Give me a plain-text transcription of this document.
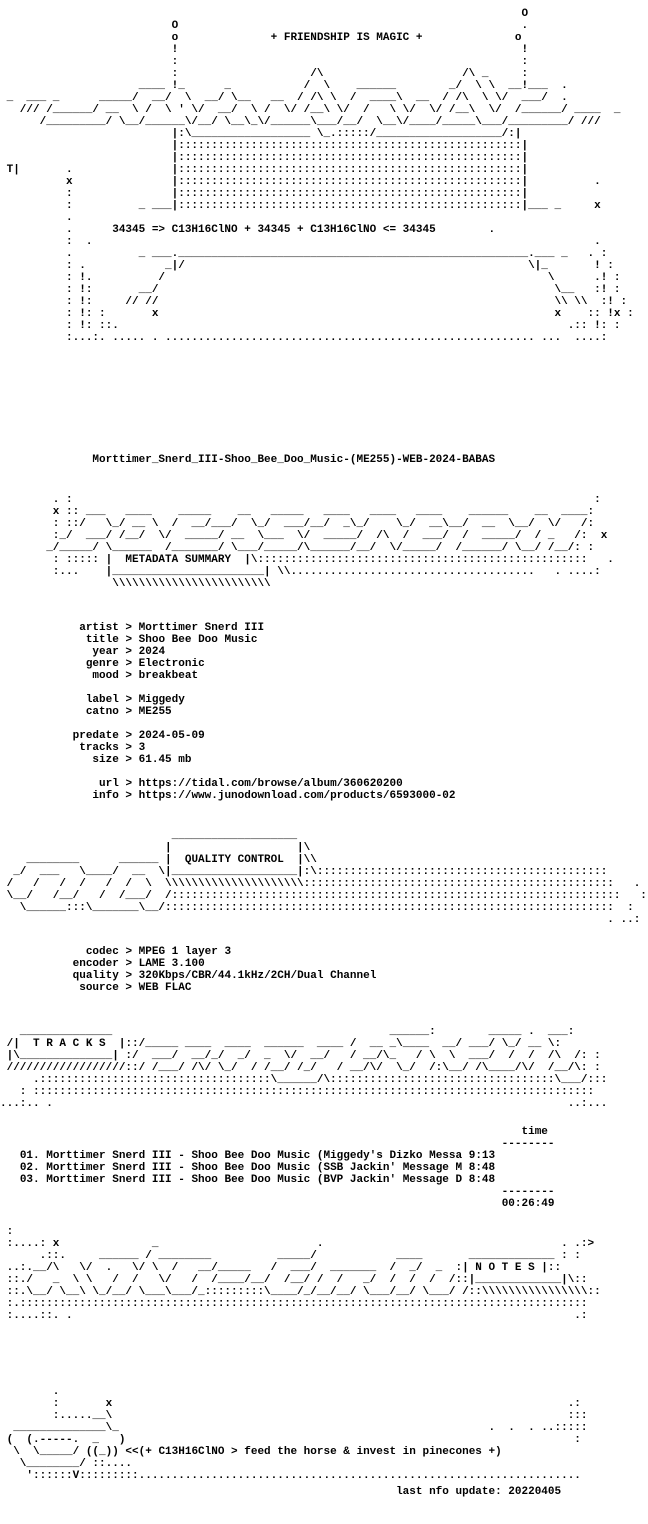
O
O                                                    .
o	+ FRIENDSHIP IS MAGIC +	o
!                                                    !
:                                                    :
:                    /\                     /\ _     :
____ !_      _           /  \    ______        _/  \ \  __!___  .
_  ___ _      _____/  __/  \  __/ \__   __  / /\ \  /  ____\  __  / /\  \ \/  ___/  .
/// /______/ __  \ /  \ ' \/  __/  \ /  \/ /__\ \/  /   \ \/  \/ /__\  \/  /______/ ____  _
/_________/ \__/______\/__/ \__\_\/______\___/__/  \__\/____/_____\___/_________/ ///
|:\__________________ \_.:::::/___________________/:|
|::::::::::::::::::::::::::::::::::::::::::::::::::::|
|::::::::::::::::::::::::::::::::::::::::::::::::::::|
T|       .               |::::::::::::::::::::::::::::::::::::::::::::::::::::|
x               |::::::::::::::::::::::::::::::::::::::::::::::::::::|          .
:               |::::::::::::::::::::::::::::::::::::::::::::::::::::|
:          _ ___|::::::::::::::::::::::::::::::::::::::::::::::::::::|___ _     x
.
.	34345 => C13H16ClNO + 34345 + C13H16ClNO <= 34345	.
:  .                                                                            .
.          _ ___._____________________________________________________.___ _   . :
: .            _|/                                                    \|_       ! :
: !.          /                                                          \      .! :
: !:       __/                                                            \__   :! :
: !:     // //                                                            \\ \\  :! :
: !: :       x                                                            x    :: !x :
: !: ::.                                                                    .:: !: :
:...:. ..... . ........................................................ ...  ....:

Morttimer_Snerd_III-Shoo_Bee_Doo_Music-(ME255)-WEB-2024-BABAS

. :                                                                               :
x :: ___   ____    _____    __   _____   ____   ____   ____    ______    __  ____:
: ::/   \_/ __ \  /  __/___/  \_/  ___/__/  _\_/    \_/  __\__/  __  \__/  \/   /:
:_/  ___/ /__/  \/  _____/ __  \___  \/  _____/  /\  /  ___/  /  _____/  / _   /:  x
_/_____/ \______  /_______/ \___/_____/\______/__/  \/_____/  /______/ \__/ /__/: :
: ::::: |  METADATA SUMMARY  |\::::::::::::::::::::::::::::::::::::::::::::::::::   .
:...    |_______________________| \\.....................................   . ....:
\\\\\\\\\\\\\\\\\\\\\\\\

artist > Morttimer Snerd III
title > Shoo Bee Doo Music
year > 2024
genre > Electronic
mood > breakbeat

label > Miggedy
catno > ME255

predate > 2024-05-09
tracks > 3
size > 61.45 mb

url > https://tidal.com/browse/album/360620200
info > https://www.junodownload.com/products/6593000-02

___________________
|                   |\
________      ______ |  QUALITY CONTROL  |\\
_/  ___   \____/  __  \|___________________|:\::::::::::::::::::::::::::::::::::::::::::::
/   /   /  /   /  /  \  \\\\\\\\\\\\\\\\\\\\\:::::::::::::::::::::::::::::::::::::::::::::::   .
\__/   /__/   /  /___/  /::::::::::::::::::::::::::::::::::::::::::::::::::::::::::::::::::::   :
\______:::\_______\__/::::::::::::::::::::::::::::::::::::::::::::::::::::::::::::::::::::  :
. ..:

codec > MPEG 1 layer 3
encoder > LAME 3.100
quality > 320Kbps/CBR/44.1kHz/2CH/Dual Channel
source > WEB FLAC

______________                                          ______:        _____ .  ___:
/|  T R A C K S  |::/_____ ____  ____  ______  ____ /  __ _\____  __/ ___/ \_/ __ \:
|\______________| :/  ___/  __/_/  _/  _  \/  __/   / __/\_   / \  \  ___/  /  /  /\  /: :
//////////////////::/ /___/ /\/ \_/  / /__/ /_/   / __/\/  \_/  /:\__/ /\____/\/  /__/\: :
.:::::::::::::::::::::::::::::::::::\______/\::::::::::::::::::::::::::::::::::\___/:::
: :::::::::::::::::::::::::::::::::::::::::::::::::::::::::::::::::::::::::::::::::::::
...:.. .                                                                              ..:...

time
--------
01. Morttimer Snerd III - Shoo Bee Doo Music (Miggedy's Dizko Messa 9:13
02. Morttimer Snerd III - Shoo Bee Doo Music (SSB Jackin' Message M 8:48
03. Morttimer Snerd III - Shoo Bee Doo Music (BVP Jackin' Message D 8:48
--------
00:26:49

:
:....: x              _                        .                                    . .:>
.::.     ______ / ________          _____/            ____       _____________ : :
..:.__/\   \/  .   \/ \  /   __/_____   /  ___/  _______  /  _/  _  :| N O T E S |::
::./   _  \ \   /  /   \/   /  /____/__/  /__/ /  /   _/  /  /  /  /::|_____________|\::
::.\__/ \__\ \_/__/ \___\___/_:::::::::\____/_/__/__/ \___/__/ \___/ /::\\\\\\\\\\\\\\\\::
:.::::::::::::::::::::::::::::::::::::::::::::::::::::::::::::::::::::::::::::::::::::::
:....::. .                                                                            .:

.
:       x                                                                     .:
:.....__\                                                                     :::
______________\_                                                        .  .  . ..:::::
(  (.-----.  _   )                                                                    :
\  \_____/ ((_)) <<(+ C13H16ClNO > feed the horse & invest in pinecones +)
\________/ ::....
'::::::V:::::::::...................................................................

last nfo update: 20220405
